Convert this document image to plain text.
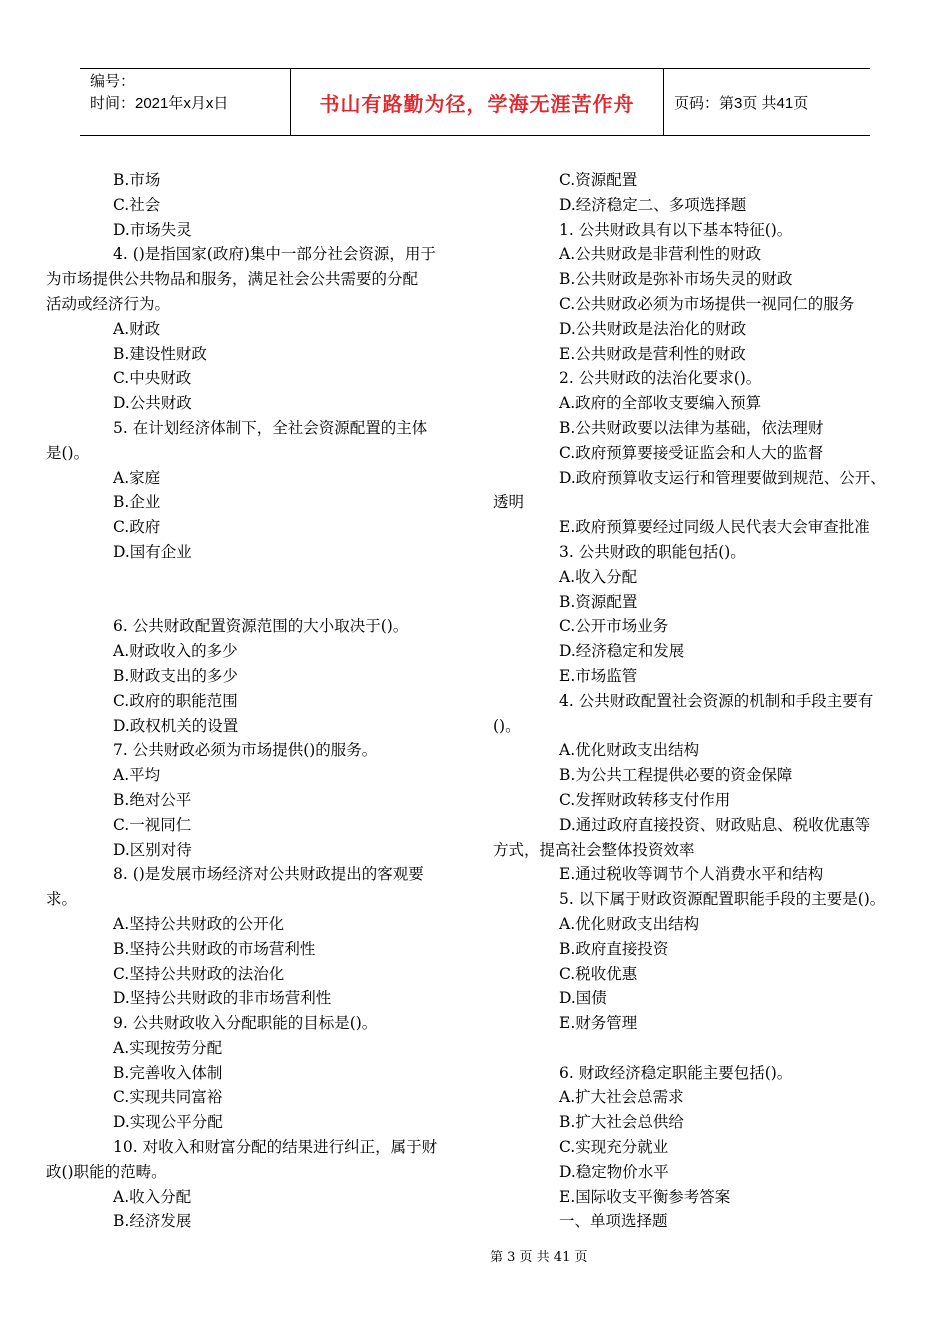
编号：
时间：2021年x月x日	书山有路勤为径，学海无涯苦作舟	页码：第3页 共41页
B.市场
C.社会
D.市场失灵
4. ()是指国家(政府)集中一部分社会资源，用于
为市场提供公共物品和服务，满足社会公共需要的分配
活动或经济行为。
A.财政
B.建设性财政
C.中央财政
D.公共财政
5. 在计划经济体制下，全社会资源配置的主体
是()。
A.家庭
B.企业
C.政府
D.国有企业
6. 公共财政配置资源范围的大小取决于()。
A.财政收入的多少
B.财政支出的多少
C.政府的职能范围
D.政权机关的设置
7. 公共财政必须为市场提供()的服务。
A.平均
B.绝对公平
C.一视同仁
D.区别对待
8. ()是发展市场经济对公共财政提出的客观要
求。
A.坚持公共财政的公开化
B.坚持公共财政的市场营利性
C.坚持公共财政的法治化
D.坚持公共财政的非市场营利性
9. 公共财政收入分配职能的目标是()。
A.实现按劳分配
B.完善收入体制
C.实现共同富裕
D.实现公平分配
10. 对收入和财富分配的结果进行纠正，属于财
政()职能的范畴。
A.收入分配
B.经济发展
C.资源配置
D.经济稳定二、多项选择题
1. 公共财政具有以下基本特征()。
A.公共财政是非营利性的财政
B.公共财政是弥补市场失灵的财政
C.公共财政必须为市场提供一视同仁的服务
D.公共财政是法治化的财政
E.公共财政是营利性的财政
2. 公共财政的法治化要求()。
A.政府的全部收支要编入预算
B.公共财政要以法律为基础，依法理财
C.政府预算要接受证监会和人大的监督
D.政府预算收支运行和管理要做到规范、公开、
透明
E.政府预算要经过同级人民代表大会审查批准
3. 公共财政的职能包括()。
A.收入分配
B.资源配置
C.公开市场业务
D.经济稳定和发展
E.市场监管
4. 公共财政配置社会资源的机制和手段主要有
()。
A.优化财政支出结构
B.为公共工程提供必要的资金保障
C.发挥财政转移支付作用
D.通过政府直接投资、财政贴息、税收优惠等
方式，提高社会整体投资效率
E.通过税收等调节个人消费水平和结构
5. 以下属于财政资源配置职能手段的主要是()。
A.优化财政支出结构
B.政府直接投资
C.税收优惠
D.国债
E.财务管理
6. 财政经济稳定职能主要包括()。
A.扩大社会总需求
B.扩大社会总供给
C.实现充分就业
D.稳定物价水平
E.国际收支平衡参考答案
一、单项选择题
第 3 页 共 41 页
